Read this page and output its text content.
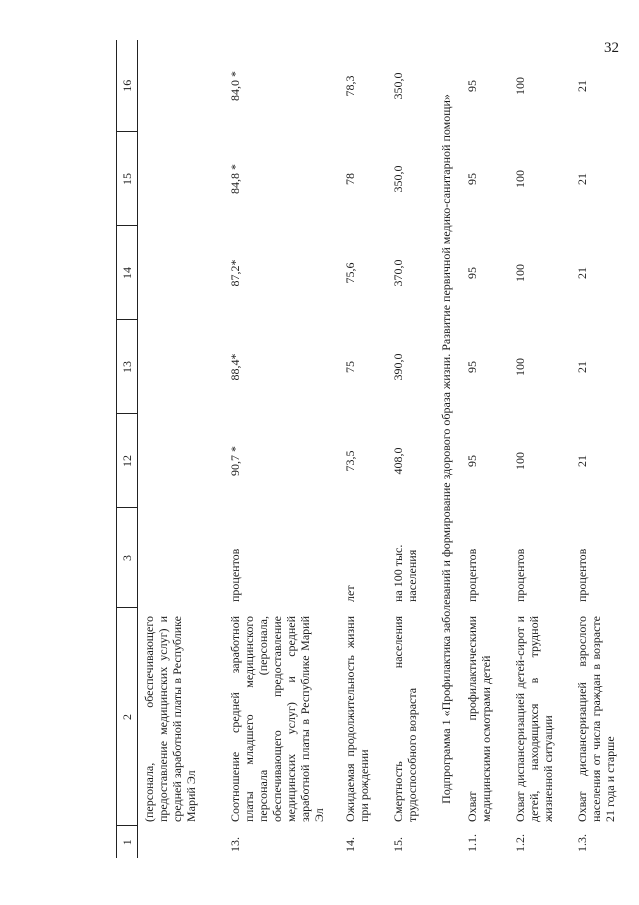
32
1	2	3	12	13	14	15	16
	(персонала, обеспечивающего предоставление медицинских услуг) и средней заработной платы в Республике Марий Эл						
13.	Соотношение средней заработной платы младшего медицинского персонала (персонала, обеспечивающего предоставление медицинских услуг) и средней заработной платы в Республике Марий Эл	процентов	90,7 *	88,4*	87,2*	84,8 *	84,0 *
14.	Ожидаемая продолжительность жизни при рождении	лет	73,5	75	75,6	78	78,3
15.	Смертность населения трудоспособного возраста	на 100 тыс. населения	408,0	390,0	370,0	350,0	350,0
Подпрограмма 1 «Профилактика заболеваний и формирование здорового образа жизни. Развитие первичной медико-санитарной помощи»							
1.1.	Охват профилактическими медицинскими осмотрами детей	процентов	95	95	95	95	95
1.2.	Охват диспансеризацией детей-сирот и детей, находящихся в трудной жизненной ситуации	процентов	100	100	100	100	100
1.3.	Охват диспансеризацией взрослого населения от числа граждан в возрасте 21 года и старше	процентов	21	21	21	21	21
